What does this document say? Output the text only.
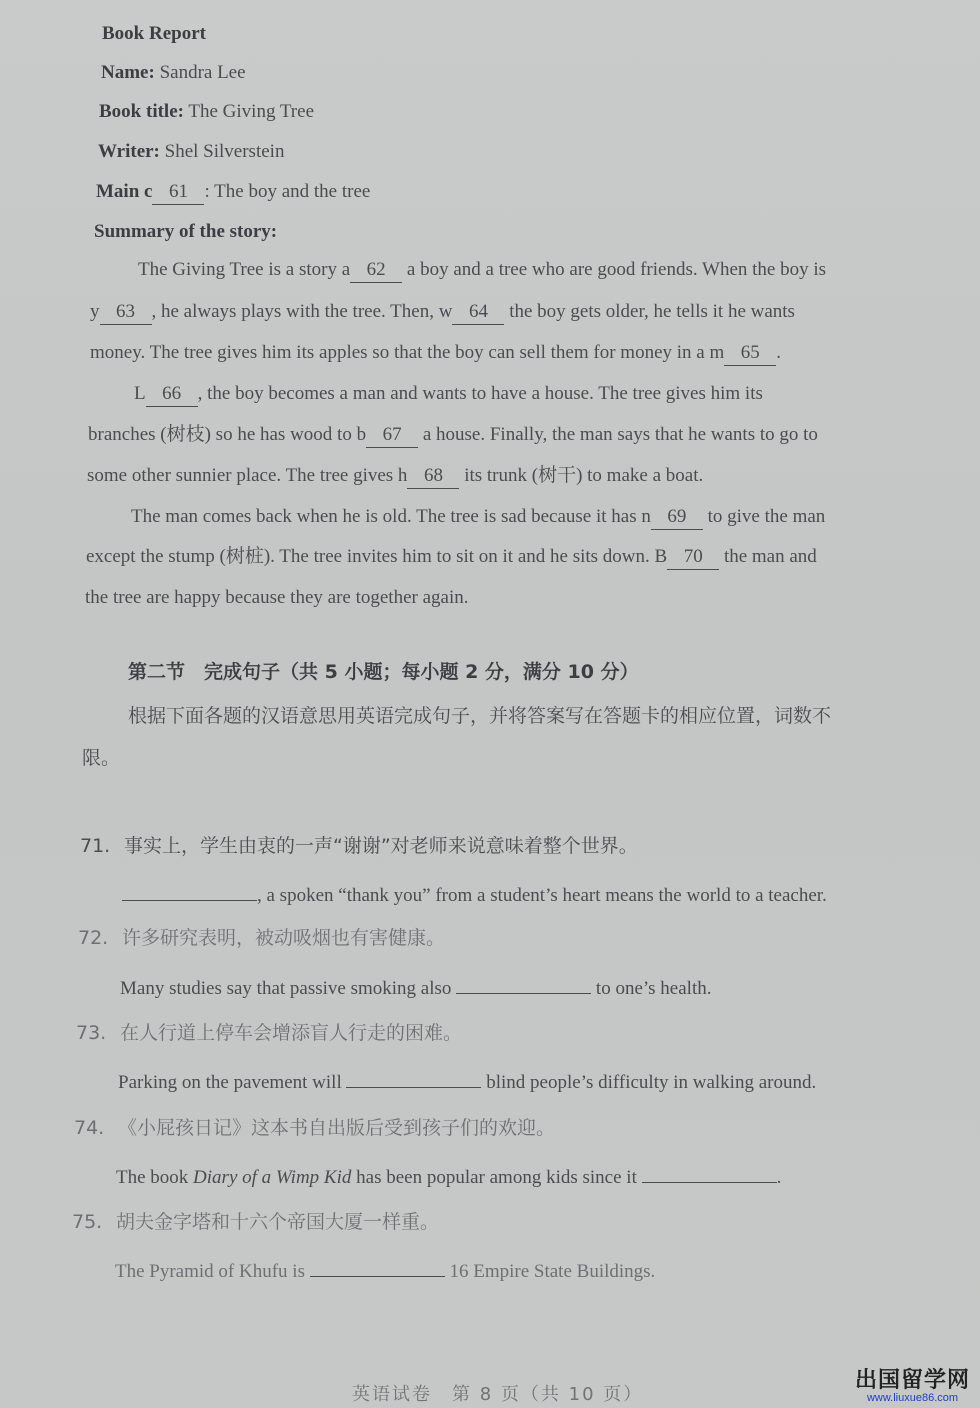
Book Report
Name: Sandra Lee
Book title: The Giving Tree
Writer: Shel Silverstein
Main c 61 : The boy and the tree
Summary of the story:
The Giving Tree is a story a 62 a boy and a tree who are good friends. When the boy is
y 63 , he always plays with the tree. Then, w 64 the boy gets older, he tells it he wants
money. The tree gives him its apples so that the boy can sell them for money in a m 65 .
L 66 , the boy becomes a man and wants to have a house. The tree gives him its
branches (树枝) so he has wood to b 67 a house. Finally, the man says that he wants to go to
some other sunnier place. The tree gives h 68 its trunk (树干) to make a boat.
The man comes back when he is old. The tree is sad because it has n 69 to give the man
except the stump (树桩). The tree invites him to sit on it and he sits down. B 70 the man and
the tree are happy because they are together again.
第二节　完成句子（共 5 小题；每小题 2 分，满分 10 分）
根据下面各题的汉语意思用英语完成句子，并将答案写在答题卡的相应位置，词数不
限。
71. 事实上，学生由衷的一声“谢谢”对老师来说意味着整个世界。
, a spoken “thank you” from a student’s heart means the world to a teacher.
72. 许多研究表明，被动吸烟也有害健康。
Many studies say that passive smoking also	to one’s health.
73. 在人行道上停车会增添盲人行走的困难。
Parking on the pavement will	blind people’s difficulty in walking around.
74. 《小屁孩日记》这本书自出版后受到孩子们的欢迎。
The book Diary of a Wimp Kid has been popular among kids since it	.
75. 胡夫金字塔和十六个帝国大厦一样重。
The Pyramid of Khufu is	16 Empire State Buildings.
英语试卷　第 8 页（共 10 页）
出国留学网
www.liuxue86.com
